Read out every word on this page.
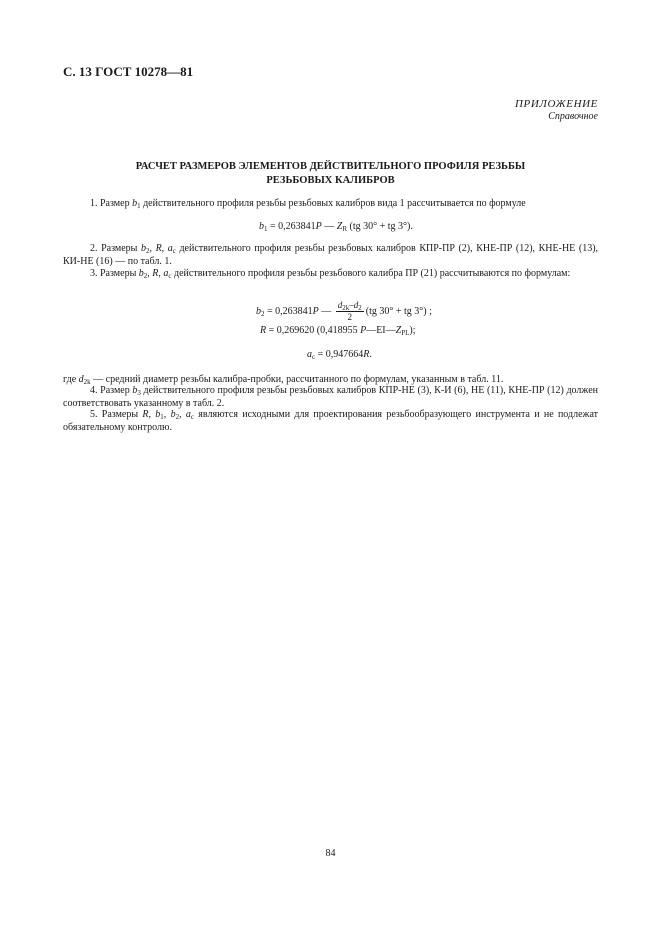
С. 13 ГОСТ 10278—81
ПРИЛОЖЕНИЕ
Справочное
РАСЧЕТ РАЗМЕРОВ ЭЛЕМЕНТОВ ДЕЙСТВИТЕЛЬНОГО ПРОФИЛЯ РЕЗЬБЫ
РЕЗЬБОВЫХ КАЛИБРОВ
1. Размер $b_1$ действительного профиля резьбы резьбовых калибров вида 1 рассчитывается по формуле
$b_1 = 0,263841P$ — $Z_R$ (tg 30° + tg 3°).
2. Размеры $b_2$, R, $a_c$ действительного профиля резьбы резьбовых калибров КПР-ПР (2), КНЕ-ПР (12), КНЕ-НЕ (13), КИ-НЕ (16) — по табл. 1.
3. Размеры $b_2$, R, $a_c$ действительного профиля резьбы резьбового калибра ПР (21) рассчитываются по формулам:
$b_2 = 0,263841P$ — $\frac{d_{2k}-d_2}{2} (tg$ 30° + tg 3°) ;
R = 0,269620 (0,418955 $P—EI—Z_{PL}$);
$a_c = 0,947664R$.
где $d_{2k}$ — средний диаметр резьбы калибра-пробки, рассчитанного по формулам, указанным в табл. 11.
4. Размер $b_3$ действительного профиля резьбы резьбовых калибров КПР-НЕ (3), К-И (6), НЕ (11), КНЕ-ПР (12) должен соответствовать указанному в табл. 2.
5. Размеры R, $b_1$, $b_2$, $a_c$ являются исходными для проектирования резьбообразующего инструмента и не подлежат обязательному контролю.
84
